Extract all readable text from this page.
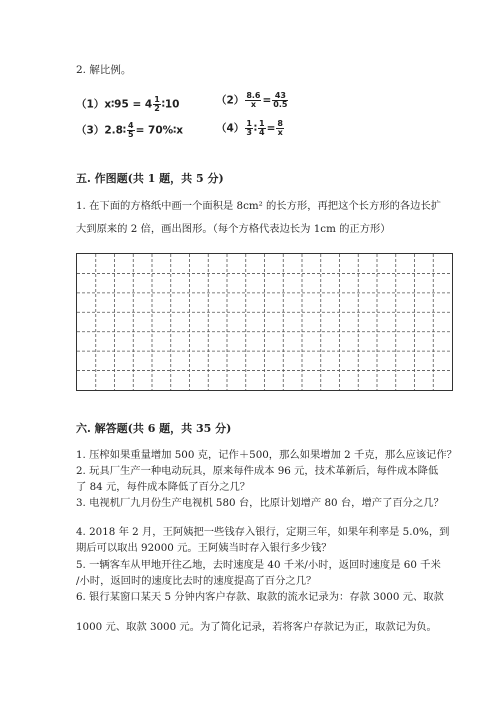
2. 解比例。
（1）x∶95 = $4 \frac{1}{2}$ ∶10	$(2) \frac{8.6}{x} = \frac{43}{0.5}$
（3）2.8∶ $\frac{4}{5}$ = 70%∶x	$(4) \frac{1}{3}$ ∶ $\frac{1}{4} = \frac{8}{x}$
五. 作图题(共 1 题，共 5 分)
1. 在下面的方格纸中画一个面积是 8cm² 的长方形，再把这个长方形的各边长扩
大到原来的 2 倍，画出图形。（每个方格代表边长为 1cm 的正方形）
六. 解答题(共 6 题，共 35 分)
1. 压榨如果重量增加 500 克，记作＋500，那么如果增加 2 千克，那么应该记作？
2. 玩具厂生产一种电动玩具，原来每件成本 96 元，技术革新后，每件成本降低
了 84 元，每件成本降低了百分之几？
3. 电视机厂九月份生产电视机 580 台，比原计划增产 80 台，增产了百分之几？
4. 2018 年 2 月，王阿姨把一些钱存入银行，定期三年，如果年利率是 5.0%，到
期后可以取出 92000 元。王阿姨当时存入银行多少钱？
5. 一辆客车从甲地开往乙地，去时速度是 40 千米/小时，返回时速度是 60 千米
/小时，返回时的速度比去时的速度提高了百分之几？
6. 银行某窗口某天 5 分钟内客户存款、取款的流水记录为：存款 3000 元、取款
1000 元、取款 3000 元。为了简化记录，若将客户存款记为正，取款记为负。
